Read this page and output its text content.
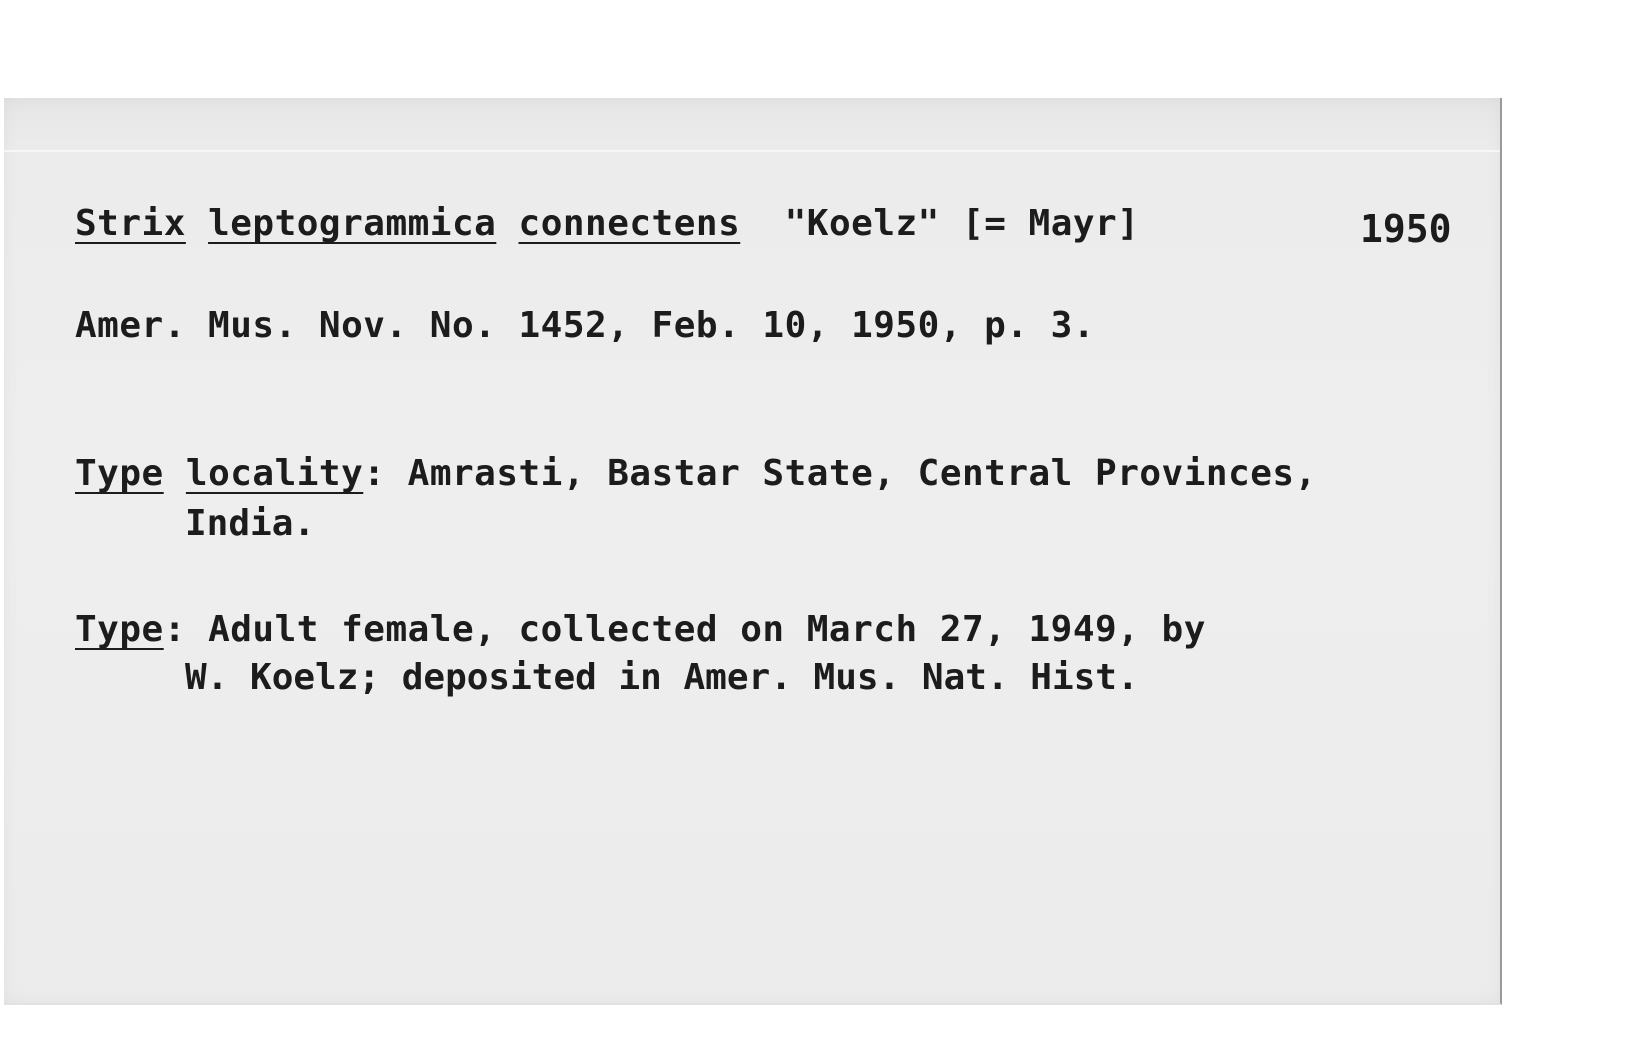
Strix leptogrammica connectens "Koelz" [= Mayr]	1950
Amer. Mus. Nov. No. 1452, Feb. 10, 1950, p. 3.
Type locality: Amrasti, Bastar State, Central Provinces,
India.
Type: Adult female, collected on March 27, 1949, by
W. Koelz; deposited in Amer. Mus. Nat. Hist.
